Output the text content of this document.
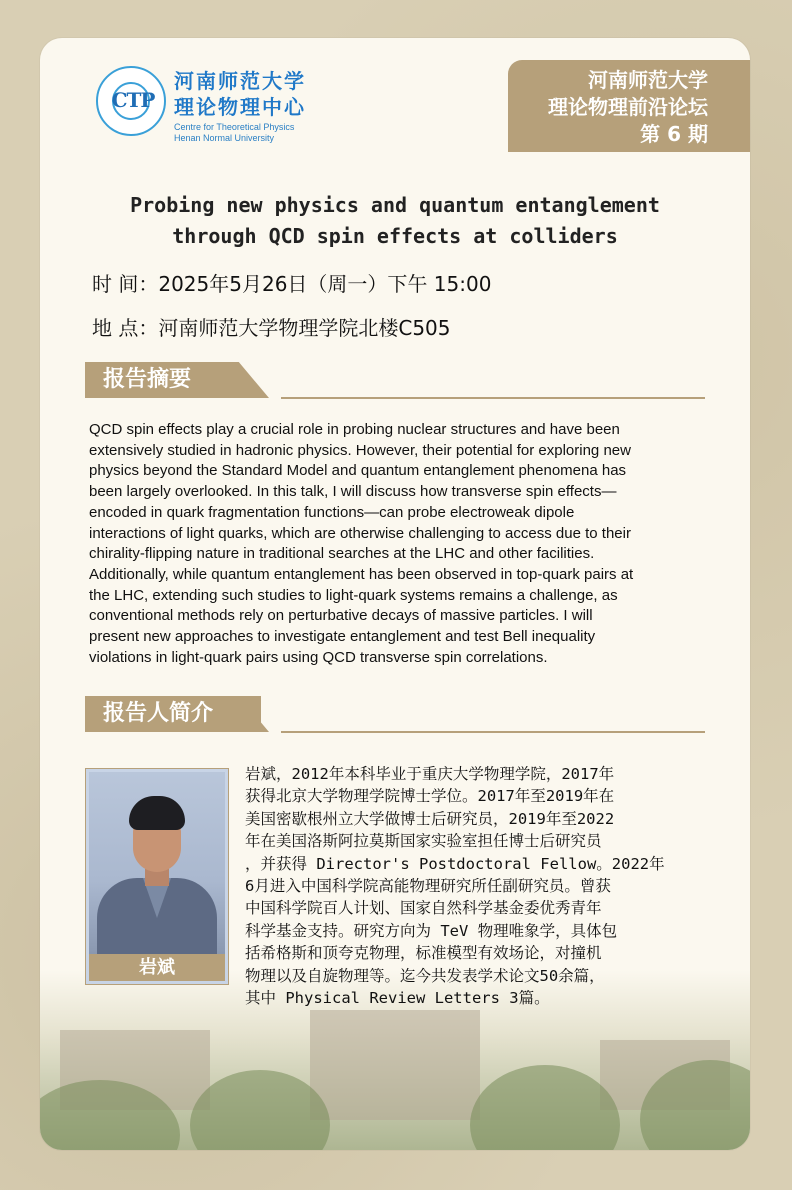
CTP
河南师范大学
理论物理中心
Centre for Theoretical Physics
Henan Normal University
河南师范大学
理论物理前沿论坛
第 6 期
Probing new physics and quantum entanglement
through QCD spin effects at colliders
时 间：2025年5月26日（周一）下午 15:00
地 点：河南师范大学物理学院北楼C505
报告摘要
QCD spin effects play a crucial role in probing nuclear structures and have been
extensively studied in hadronic physics. However, their potential for exploring new
physics beyond the Standard Model and quantum entanglement phenomena has
been largely overlooked. In this talk, I will discuss how transverse spin effects—
encoded in quark fragmentation functions—can probe electroweak dipole
interactions of light quarks, which are otherwise challenging to access due to their
chirality-flipping nature in traditional searches at the LHC and other facilities.
Additionally, while quantum entanglement has been observed in top-quark pairs at
the LHC, extending such studies to light-quark systems remains a challenge, as
conventional methods rely on perturbative decays of massive particles. I will
present new approaches to investigate entanglement and test Bell inequality
violations in light-quark pairs using QCD transverse spin correlations.
报告人简介
岩斌
岩斌，2012年本科毕业于重庆大学物理学院，2017年
获得北京大学物理学院博士学位。2017年至2019年在
美国密歇根州立大学做博士后研究员，2019年至2022
年在美国洛斯阿拉莫斯国家实验室担任博士后研究员
，并获得 Director's Postdoctoral Fellow。2022年
6月进入中国科学院高能物理研究所任副研究员。曾获
中国科学院百人计划、国家自然科学基金委优秀青年
科学基金支持。研究方向为 TeV 物理唯象学，具体包
括希格斯和顶夸克物理，标准模型有效场论，对撞机
物理以及自旋物理等。迄今共发表学术论文50余篇，
其中 Physical Review Letters 3篇。
